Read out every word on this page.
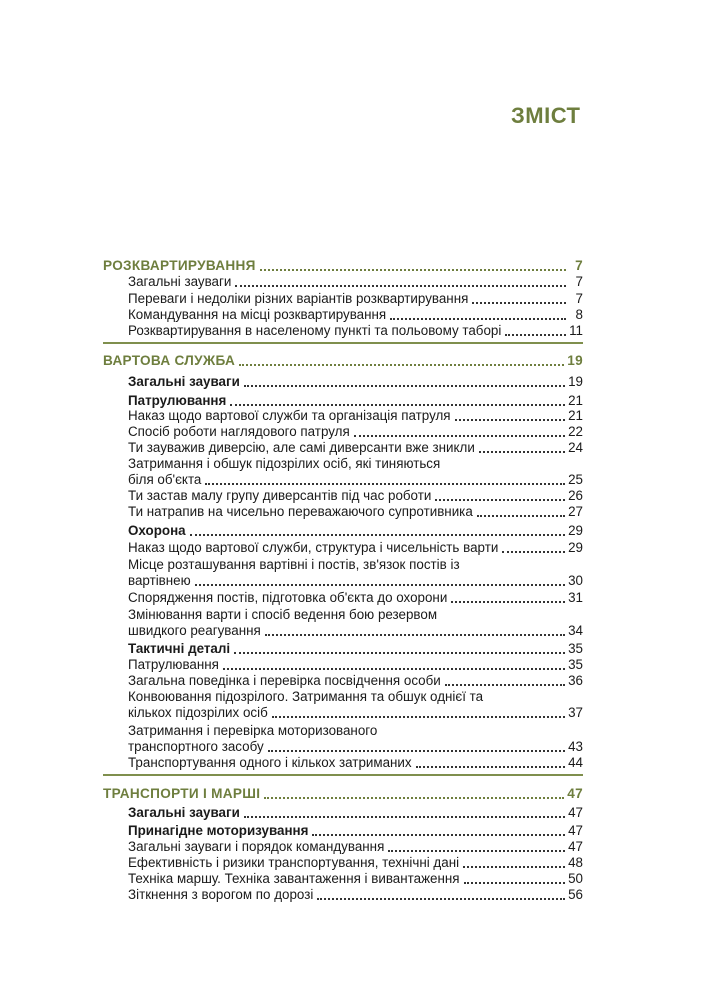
ЗМІСТ
РОЗКВАРТИРУВАННЯ	7
Загальні зауваги	7
Переваги і недоліки різних варіантів розквартирування	7
Командування на місці розквартирування	8
Розквартирування в населеному пункті та польовому таборі	11
ВАРТОВА СЛУЖБА	19
Загальні зауваги	19
Патрулювання	21
Наказ щодо вартової служби та організація патруля	21
Спосіб роботи наглядового патруля	22
Ти зауважив диверсію, але самі диверсанти вже зникли	24
Затримання і обшук підозрілих осіб, які тиняються
біля об'єкта	25
Ти застав малу групу диверсантів під час роботи	26
Ти натрапив на чисельно переважаючого супротивника	27
Охорона	29
Наказ щодо вартової служби, структура і чисельність варти	29
Місце розташування вартівні і постів, зв'язок постів із
вартівнею	30
Спорядження постів, підготовка об'єкта до охорони	31
Змінювання варти і спосіб ведення бою резервом
швидкого реагування	34
Тактичні деталі	35
Патрулювання	35
Загальна поведінка і перевірка посвідчення особи	36
Конвоювання підозрілого. Затримання та обшук однієї та
кількох підозрілих осіб	37
Затримання і перевірка моторизованого
транспортного засобу	43
Транспортування одного і кількох затриманих	44
ТРАНСПОРТИ І МАРШІ	47
Загальні зауваги	47
Принагідне моторизування	47
Загальні зауваги і порядок командування	47
Ефективність і ризики транспортування, технічні дані	48
Техніка маршу. Техніка завантаження і вивантаження	50
Зіткнення з ворогом по дорозі	56
